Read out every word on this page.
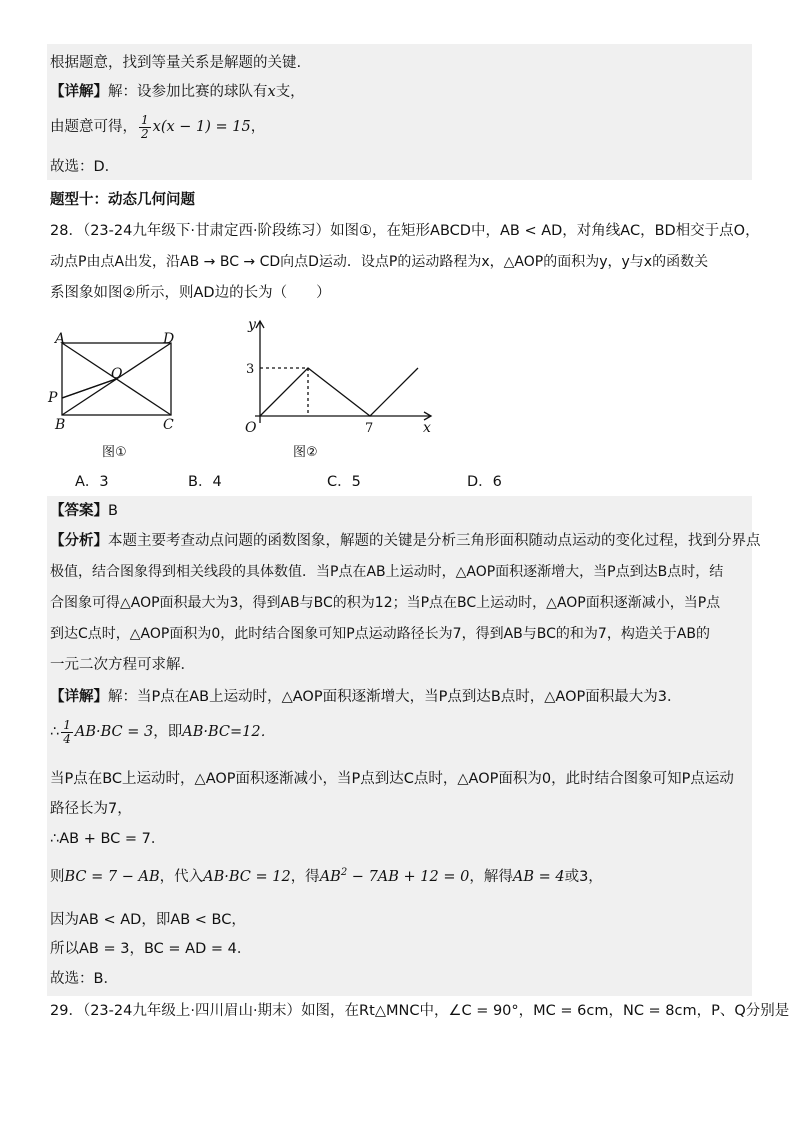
根据题意，找到等量关系是解题的关键.
【详解】解：设参加比赛的球队有x支，
由题意可得， $\frac{1}{2} x(x - 1) = 15$，
故选：D．
题型十：动态几何问题
28．（23-24九年级下·甘肃定西·阶段练习）如图①，在矩形ABCD中，AB < AD，对角线AC，BD相交于点O，
动点P由点A出发，沿AB → BC → CD向点D运动．设点P的运动路程为x，△AOP的面积为y，y与x的函数关
系图象如图②所示，则AD边的长为（　　）
A	D
O
P
B	C
图①
y
x
O
3
7
图②
A．3	B．4	C．5	D．6
【答案】B
【分析】本题主要考查动点问题的函数图象，解题的关键是分析三角形面积随动点运动的变化过程，找到分界点
极值，结合图象得到相关线段的具体数值．当P点在AB上运动时，△AOP面积逐渐增大，当P点到达B点时，结
合图象可得△AOP面积最大为3，得到AB与BC的积为12；当P点在BC上运动时，△AOP面积逐渐减小，当P点
到达C点时，△AOP面积为0，此时结合图象可知P点运动路径长为7，得到AB与BC的和为7，构造关于AB的
一元二次方程可求解．
【详解】解：当P点在AB上运动时，△AOP面积逐渐增大，当P点到达B点时，△AOP面积最大为3．
∴ $\frac{1}{4} AB\cdot BC = 3$，即AB·BC=12．
当P点在BC上运动时，△AOP面积逐渐减小，当P点到达C点时，△AOP面积为0，此时结合图象可知P点运动
路径长为7，
∴AB + BC = 7．
则BC = 7 − AB，代入AB·BC = 12，得$AB^2 - 7AB + 12 = 0$，解得AB = 4或3，
因为AB < AD，即AB < BC，
所以AB = 3，BC = AD = 4．
故选：B．
29．（23-24九年级上·四川眉山·期末）如图，在Rt△MNC中，∠C = 90°，MC = 6cm，NC = 8cm，P、Q分别是
